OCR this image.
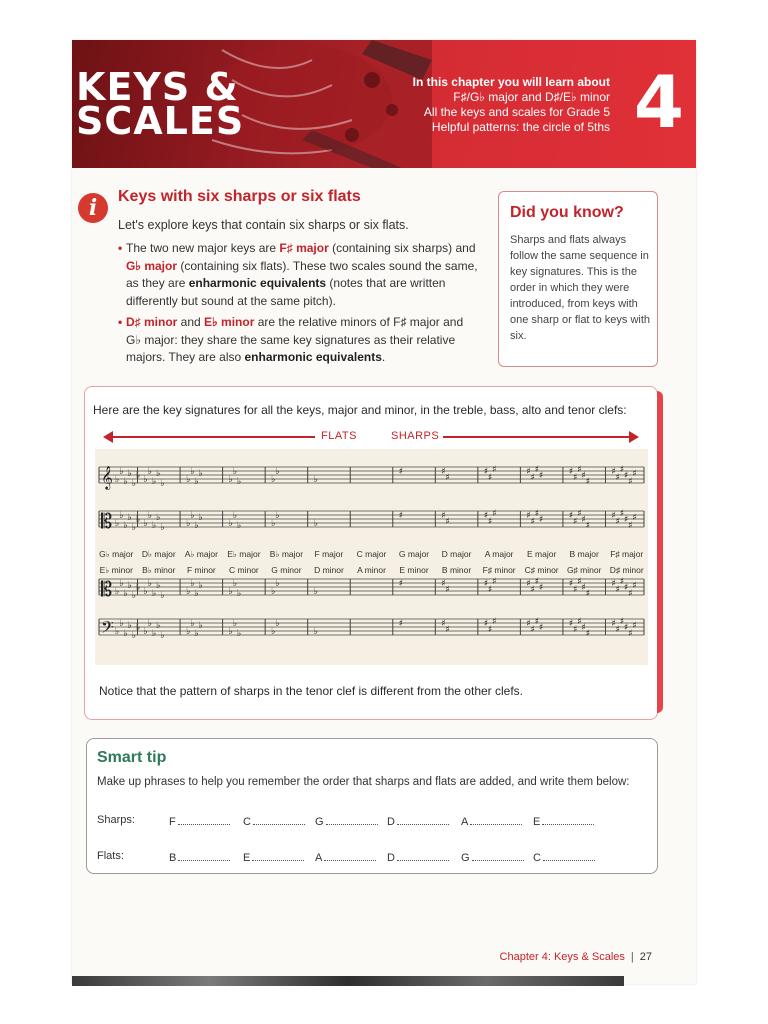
KEYS &
SCALES
In this chapter you will learn about
F♯/G♭ major and D♯/E♭ minor
All the keys and scales for Grade 5
Helpful patterns: the circle of 5ths 4
i	Keys with six sharps or six flats
Let's explore keys that contain six sharps or six flats.
• The two new major keys are F♯ major (containing six sharps) and G♭ major (containing six flats). These two scales sound the same, as they are enharmonic equivalents (notes that are written differently but sound at the same pitch).
• D♯ minor and E♭ minor are the relative minors of F♯ major and G♭ major: they share the same key signatures as their relative majors. They are also enharmonic equivalents.
Did you know?
Sharps and flats always follow the same sequence in key signatures. This is the order in which they were introduced, from keys with one sharp or flat to keys with six.
Here are the key signatures for all the keys, major and minor, in the treble, bass, alto and tenor clefs:
FLATS	SHARPS
𝄞 ♭
♭
♭
♭
♭
♭ ♭
♭
♭
♭
♭ ♭
♭
♭
♭
♭
♭
♭	♭
♭
♭
♯	♯
♯
♯
♯
♯	♯
♯
♯
♯	♯
♯
♯
♯
♯
♯
♯
♯
♯
♯
♯
𝄡 ♭
♭
♭
♭
♭
♭ ♭
♭
♭
♭
♭ ♭
♭
♭
♭
♭
♭
♭	♭
♭
♭
♯	♯
♯
♯
♯
♯	♯
♯
♯
♯	♯
♯
♯
♯
♯
♯
♯
♯
♯
♯
♯
𝄡 ♭
♭
♭
♭
♭
♭ ♭
♭
♭
♭
♭ ♭
♭
♭
♭
♭
♭
♭	♭
♭
♭
♯	♯
♯
♯
♯
♯	♯
♯
♯
♯	♯
♯
♯
♯
♯
♯
♯
♯
♯
♯
♯
𝄢 ♭
♭
♭
♭
♭
♭ ♭
♭
♭
♭
♭ ♭
♭
♭
♭
♭
♭
♭	♭
♭
♭
♯	♯
♯
♯
♯
♯	♯
♯
♯
♯	♯
♯
♯
♯
♯
♯
♯
♯
♯
♯
♯
G♭ major D♭ major A♭ major E♭ major B♭ major F major C major G major D major A major E major B major F♯ major
E♭ minor B♭ minor F minor C minor G minor D minor A minor E minor B minor F♯ minor C♯ minor G♯ minor D♯ minor
Notice that the pattern of sharps in the tenor clef is different from the other clefs.
Smart tip
Make up phrases to help you remember the order that sharps and flats are added, and write them below:
Sharps:	F	C	G	D	A	E
Flats:	B	E	A	D	G	C
Chapter 4: Keys & Scales | 27
